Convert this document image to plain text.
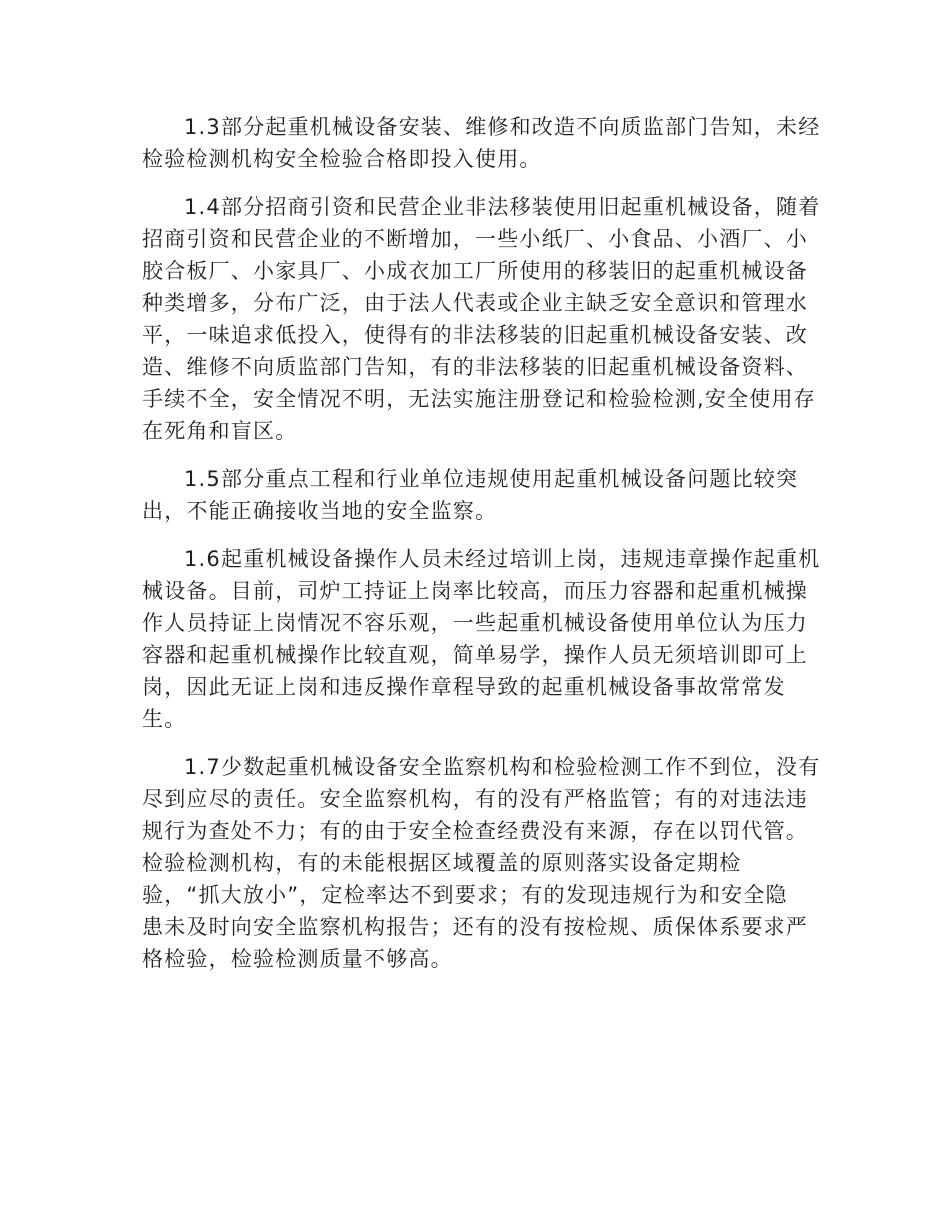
1.3部分起重机械设备安装、维修和改造不向质监部门告知，未经
检验检测机构安全检验合格即投入使用。
1.4部分招商引资和民营企业非法移装使用旧起重机械设备，随着
招商引资和民营企业的不断增加，一些小纸厂、小食品、小酒厂、小
胶合板厂、小家具厂、小成衣加工厂所使用的移装旧的起重机械设备
种类增多，分布广泛，由于法人代表或企业主缺乏安全意识和管理水
平，一味追求低投入，使得有的非法移装的旧起重机械设备安装、改
造、维修不向质监部门告知，有的非法移装的旧起重机械设备资料、
手续不全，安全情况不明，无法实施注册登记和检验检测,安全使用存
在死角和盲区。
1.5部分重点工程和行业单位违规使用起重机械设备问题比较突
出，不能正确接收当地的安全监察。
1.6起重机械设备操作人员未经过培训上岗，违规违章操作起重机
械设备。目前，司炉工持证上岗率比较高，而压力容器和起重机械操
作人员持证上岗情况不容乐观，一些起重机械设备使用单位认为压力
容器和起重机械操作比较直观，简单易学，操作人员无须培训即可上
岗，因此无证上岗和违反操作章程导致的起重机械设备事故常常发
生。
1.7少数起重机械设备安全监察机构和检验检测工作不到位，没有
尽到应尽的责任。安全监察机构，有的没有严格监管；有的对违法违
规行为查处不力；有的由于安全检查经费没有来源，存在以罚代管。
检验检测机构，有的未能根据区域覆盖的原则落实设备定期检
验，“抓大放小”，定检率达不到要求；有的发现违规行为和安全隐
患未及时向安全监察机构报告；还有的没有按检规、质保体系要求严
格检验，检验检测质量不够高。
